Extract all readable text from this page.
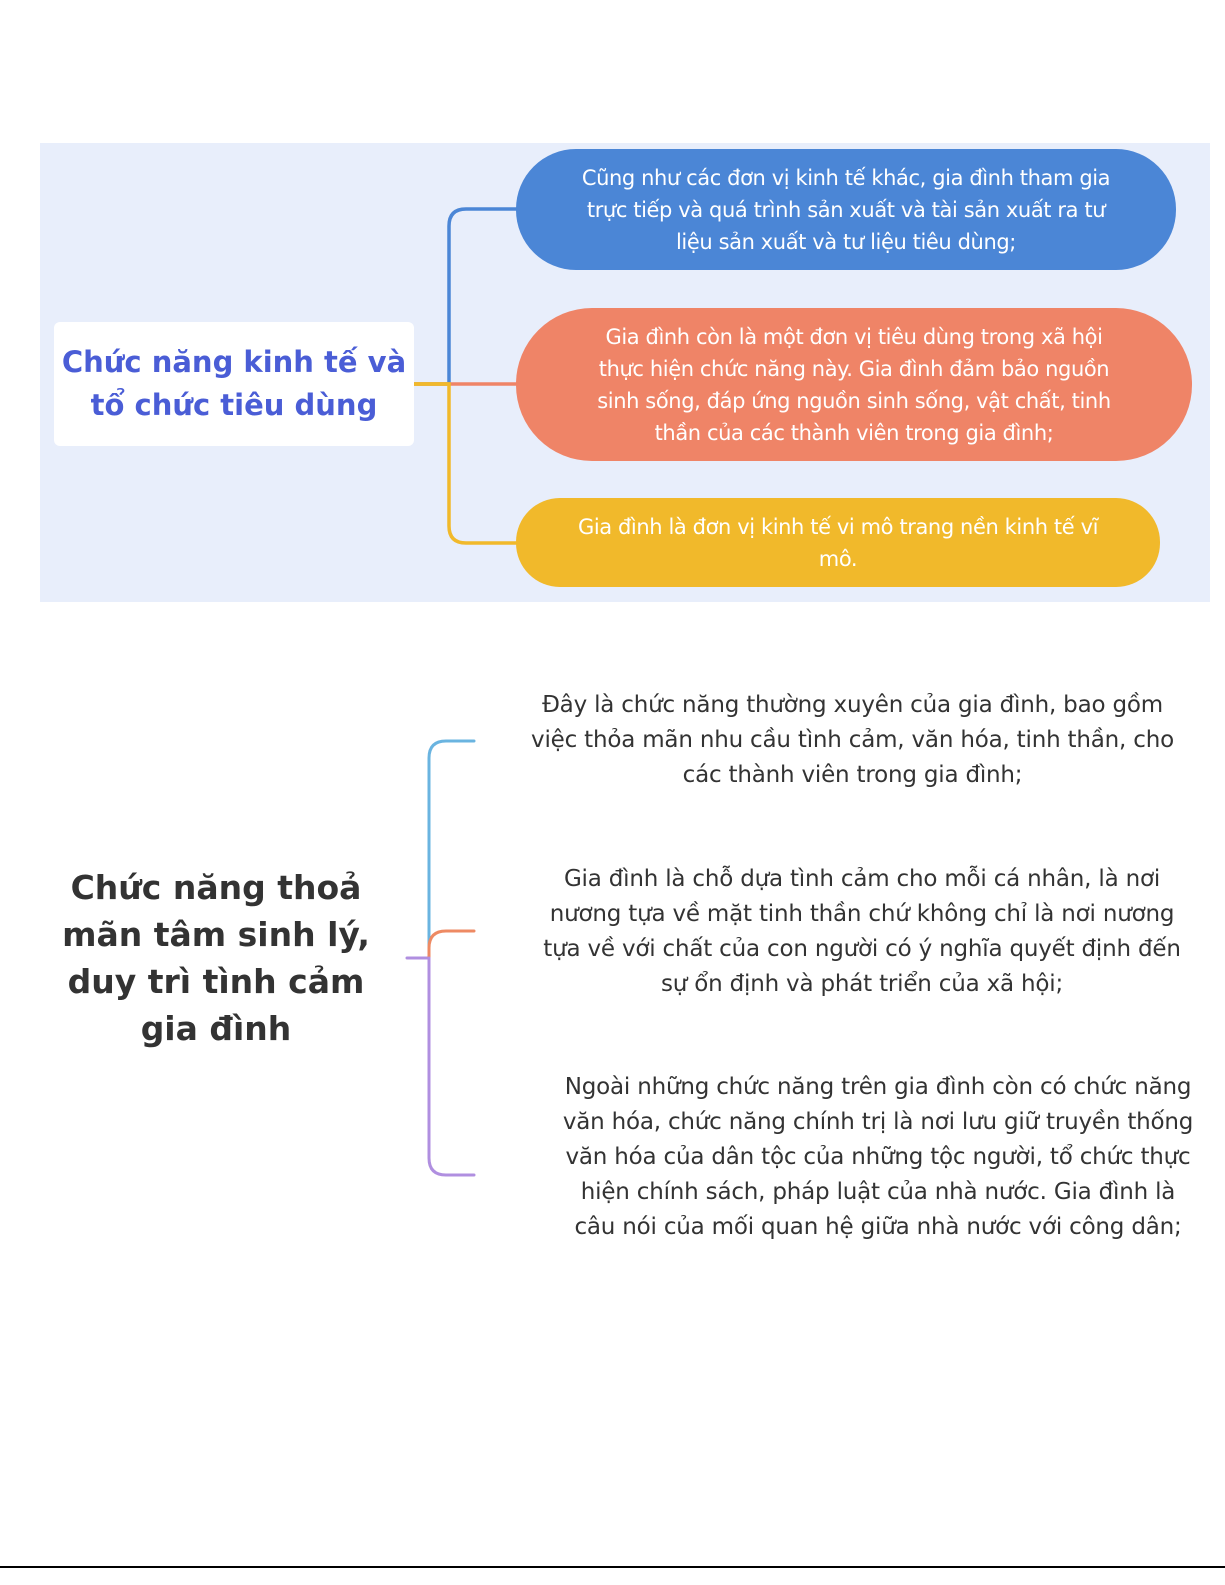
Chức năng kinh tế và tổ chức tiêu dùng
Cũng như các đơn vị kinh tế khác, gia đình tham gia trực tiếp và quá trình sản xuất và tài sản xuất ra tư liệu sản xuất và tư liệu tiêu dùng;
Gia đình còn là một đơn vị tiêu dùng trong xã hội thực hiện chức năng này. Gia đình đảm bảo nguồn sinh sống, đáp ứng nguồn sinh sống, vật chất, tinh thần của các thành viên trong gia đình;
Gia đình là đơn vị kinh tế vi mô trang nền kinh tế vĩ mô.
Chức năng thoả mãn tâm sinh lý, duy trì tình cảm gia đình
Đây là chức năng thường xuyên của gia đình, bao gồm việc thỏa mãn nhu cầu tình cảm, văn hóa, tinh thần, cho các thành viên trong gia đình;
Gia đình là chỗ dựa tình cảm cho mỗi cá nhân, là nơi nương tựa về mặt tinh thần chứ không chỉ là nơi nương tựa về với chất của con người có ý nghĩa quyết định đến sự ổn định và phát triển của xã hội;
Ngoài những chức năng trên gia đình còn có chức năng văn hóa, chức năng chính trị là nơi lưu giữ truyền thống văn hóa của dân tộc của những tộc người, tổ chức thực hiện chính sách, pháp luật của nhà nước. Gia đình là câu nói của mối quan hệ giữa nhà nước với công dân;
